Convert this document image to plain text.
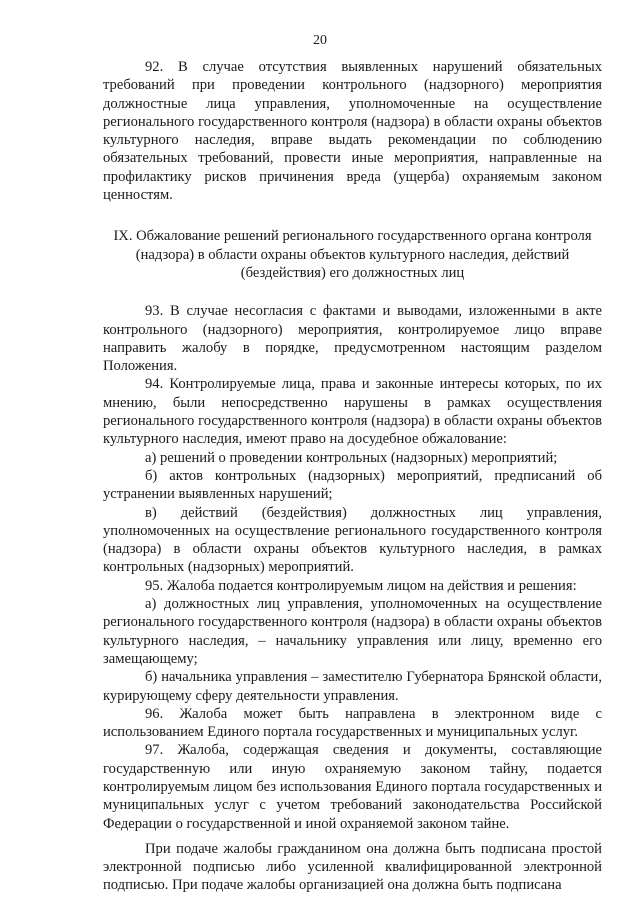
20

92. В случае отсутствия выявленных нарушений обязательных требований при проведении контрольного (надзорного) мероприятия должностные лица управления, уполномоченные на осуществление регионального государственного контроля (надзора) в области охраны объектов культурного наследия, вправе выдать рекомендации по соблюдению обязательных требований, провести иные мероприятия, направленные на профилактику рисков причинения вреда (ущерба) охраняемым законом ценностям.

IX. Обжалование решений регионального государственного органа контроля (надзора) в области охраны объектов культурного наследия, действий (бездействия) его должностных лиц

93. В случае несогласия с фактами и выводами, изложенными в акте контрольного (надзорного) мероприятия, контролируемое лицо вправе направить жалобу в порядке, предусмотренном настоящим разделом Положения.

94. Контролируемые лица, права и законные интересы которых, по их мнению, были непосредственно нарушены в рамках осуществления регионального государственного контроля (надзора) в области охраны объектов культурного наследия, имеют право на досудебное обжалование:

а) решений о проведении контрольных (надзорных) мероприятий;

б) актов контрольных (надзорных) мероприятий, предписаний об устранении выявленных нарушений;

в) действий (бездействия) должностных лиц управления, уполномоченных на осуществление регионального государственного контроля (надзора) в области охраны объектов культурного наследия, в рамках контрольных (надзорных) мероприятий.

95. Жалоба подается контролируемым лицом на действия и решения:

а) должностных лиц управления, уполномоченных на осуществление регионального государственного контроля (надзора) в области охраны объектов культурного наследия, – начальнику управления или лицу, временно его замещающему;

б) начальника управления – заместителю Губернатора Брянской области, курирующему сферу деятельности управления.

96. Жалоба может быть направлена в электронном виде с использованием Единого портала государственных и муниципальных услуг.

97. Жалоба, содержащая сведения и документы, составляющие государственную или иную охраняемую законом тайну, подается контролируемым лицом без использования Единого портала государственных и муниципальных услуг с учетом требований законодательства Российской Федерации о государственной и иной охраняемой законом тайне.

При подаче жалобы гражданином она должна быть подписана простой электронной подписью либо усиленной квалифицированной электронной подписью. При подаче жалобы организацией она должна быть подписана
